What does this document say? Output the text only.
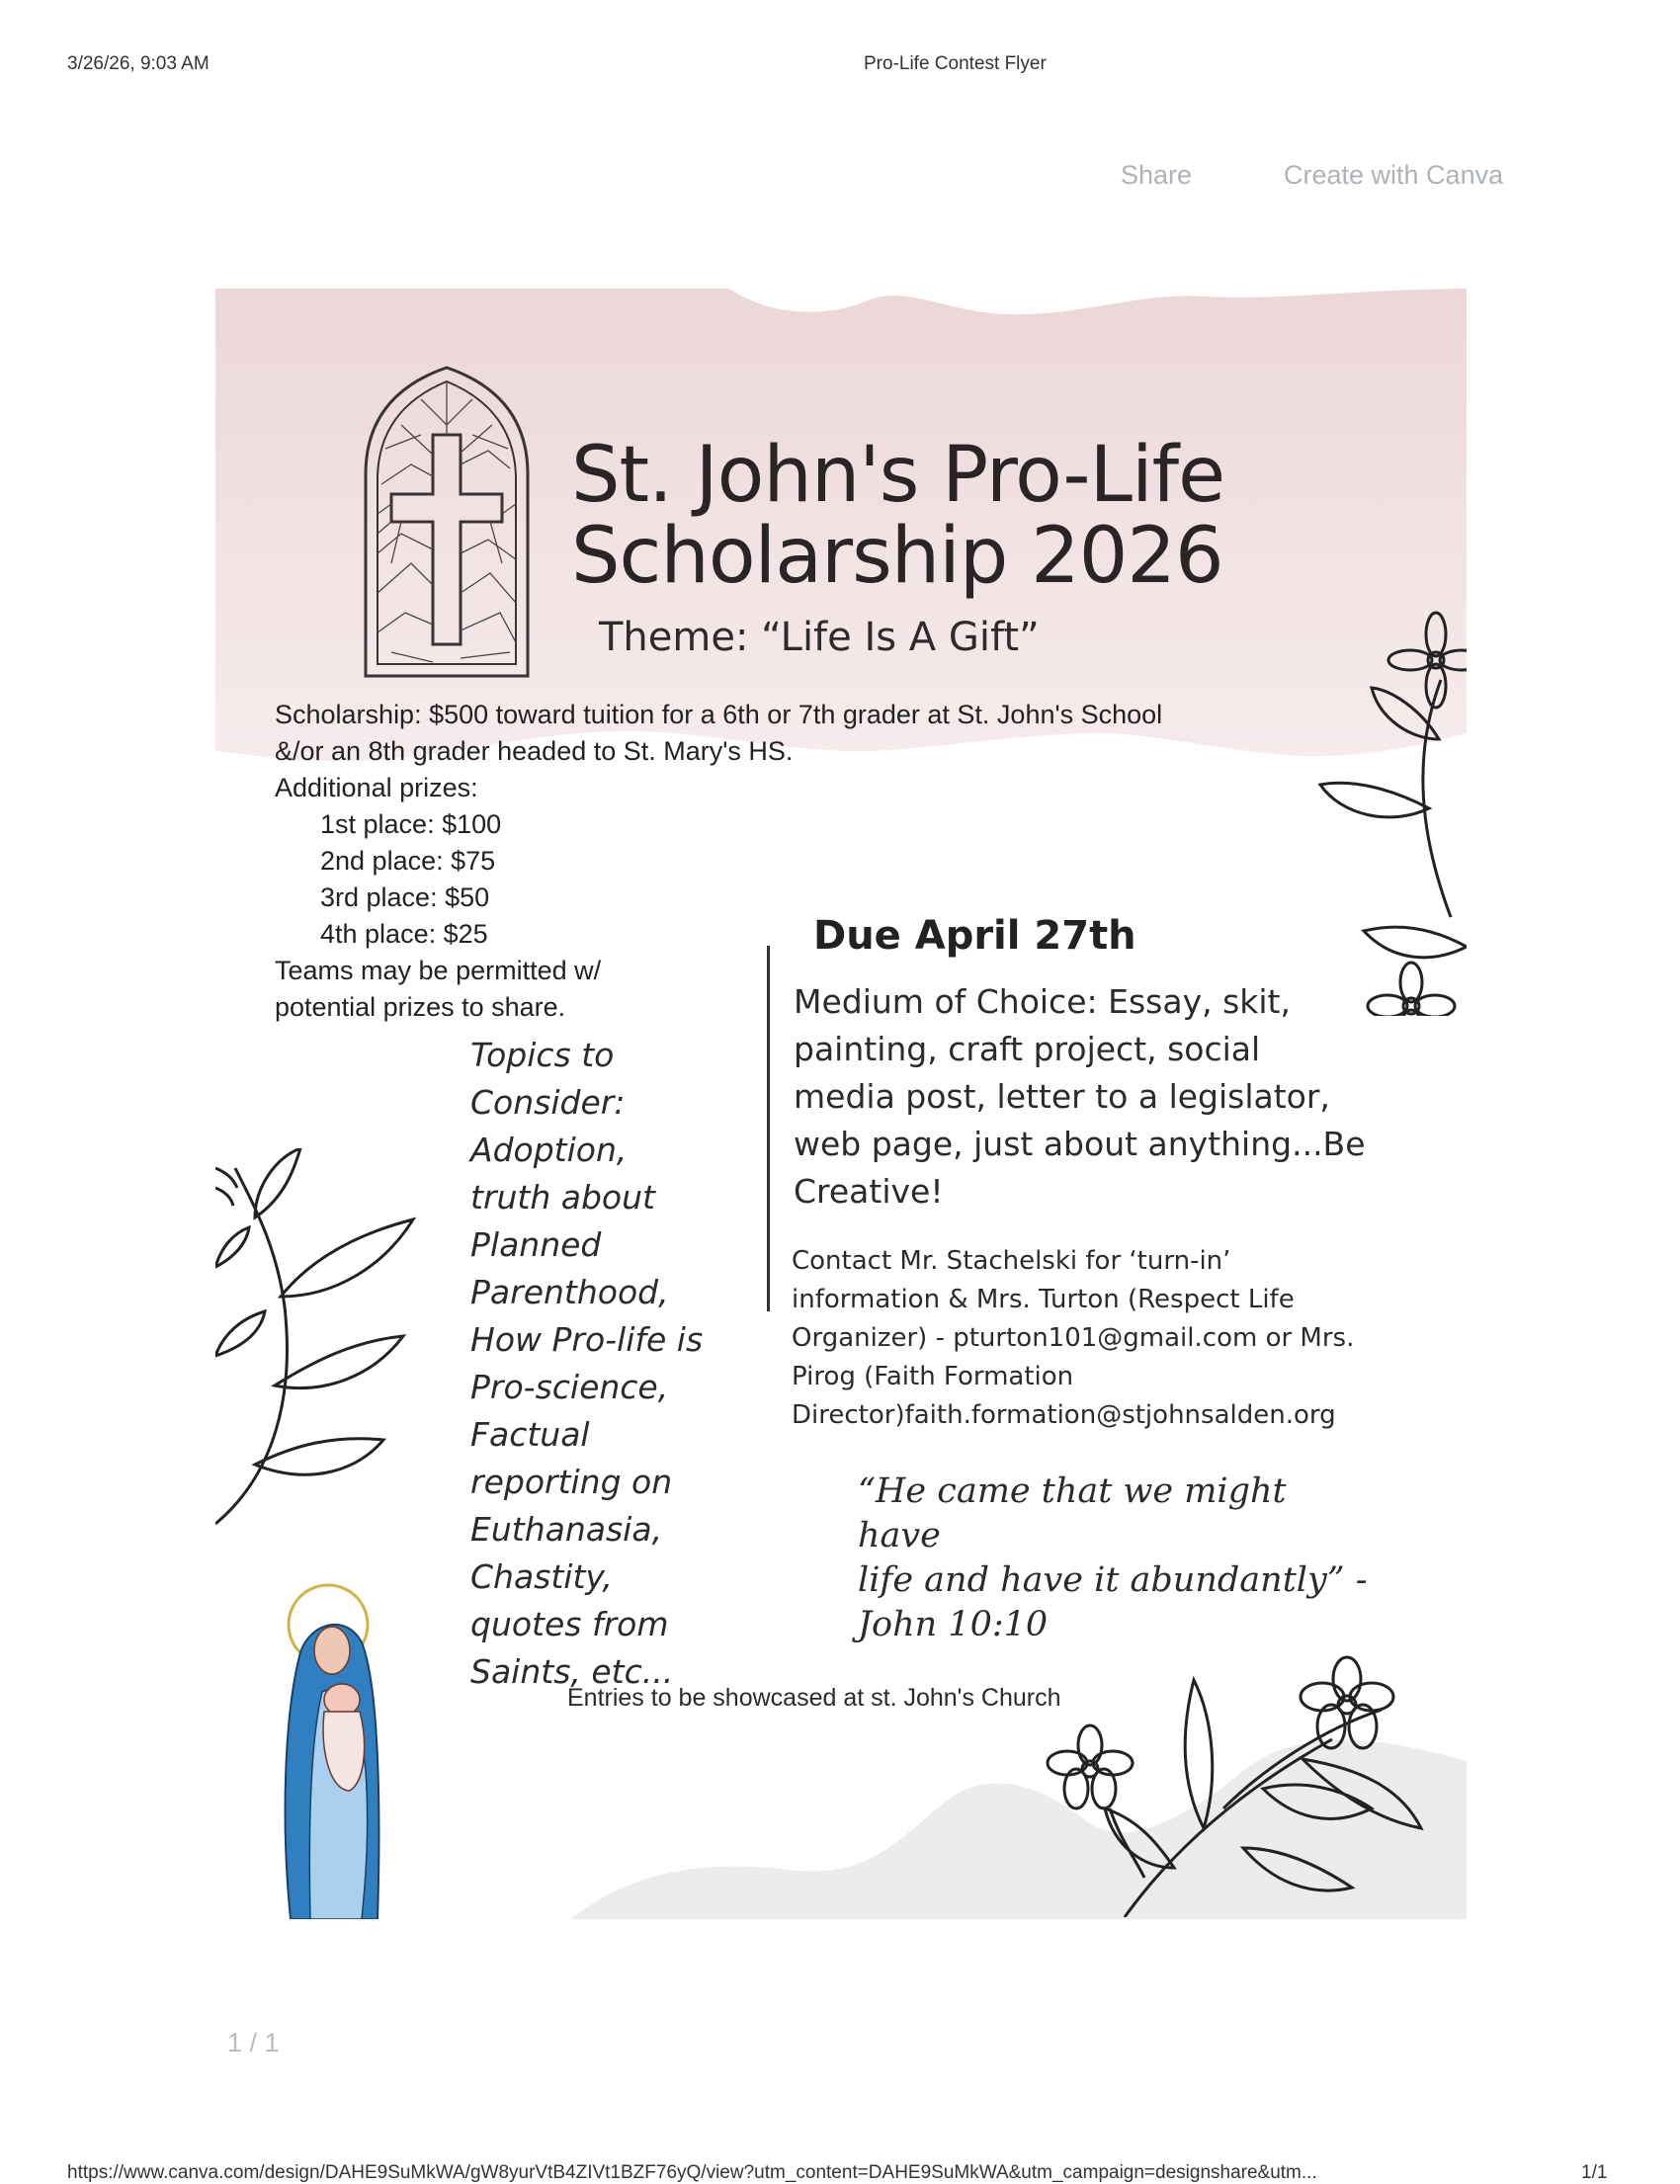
3/26/26, 9:03 AM	Pro-Life Contest Flyer
Share	Create with Canva
St. John's Pro-Life
Scholarship 2026
Theme: “Life Is A Gift”
Scholarship: $500 toward tuition for a 6th or 7th grader at St. John's School
&/or an 8th grader headed to St. Mary's HS.
Additional prizes:
1st place: $100
2nd place: $75
3rd place: $50
4th place: $25
Teams may be permitted w/
potential prizes to share.
Due April 27th
Medium of Choice: Essay, skit,
painting, craft project, social
media post, letter to a legislator,
web page, just about anything...Be
Creative!
Contact Mr. Stachelski for ‘turn-in’
information & Mrs. Turton (Respect Life
Organizer) - pturton101@gmail.com or Mrs.
Pirog (Faith Formation
Director)faith.formation@stjohnsalden.org
Topics to
Consider:
Adoption,
truth about
Planned
Parenthood,
How Pro-life is
Pro-science,
Factual
reporting on
Euthanasia,
Chastity,
quotes from
Saints, etc...
“He came that we might have
life and have it abundantly” -
John 10:10
Entries to be showcased at st. John's Church
1 / 1
https://www.canva.com/design/DAHE9SuMkWA/gW8yurVtB4ZIVt1BZF76yQ/view?utm_content=DAHE9SuMkWA&utm_campaign=designshare&utm...	1/1
